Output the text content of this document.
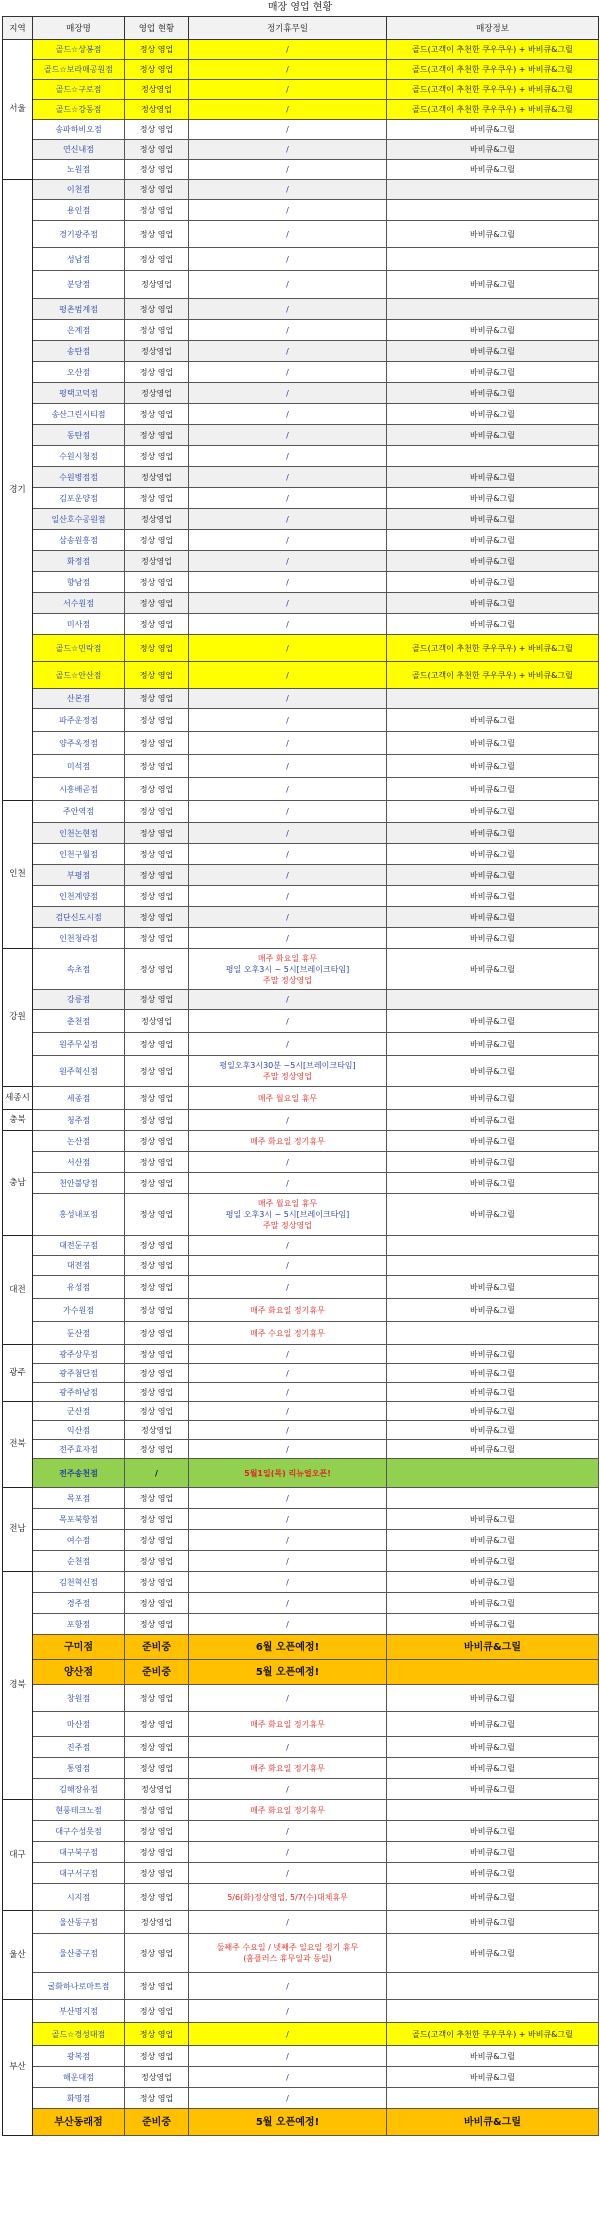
매장 영업 현황
지역	매장명	영업 현황	정기휴무일	매장정보
서울	골드☆상봉점	정상 영업	/	골드(고객이 추천한 쿠우쿠우) + 바비큐&그릴
	골드☆보라매공원점	정상 영업	/	골드(고객이 추천한 쿠우쿠우) + 바비큐&그릴
	골드☆구로점	정상영업	/	골드(고객이 추천한 쿠우쿠우) + 바비큐&그릴
	골드☆강동점	정상영업	/	골드(고객이 추천한 쿠우쿠우) + 바비큐&그릴
	송파하비오점	정상 영업	/	바비큐&그릴
	연신내점	정상 영업	/	바비큐&그릴
	노원점	정상 영업	/	바비큐&그릴
경기	이천점	정상 영업	/	
	용인점	정상 영업	/	
	경기광주점	정상 영업	/	바비큐&그릴
	성남점	정상 영업	/	
	분당점	정상영업	/	바비큐&그릴
	평촌범계점	정상 영업	/	
	은계점	정상 영업	/	바비큐&그릴
	송탄점	정상영업	/	바비큐&그릴
	오산점	정상 영업	/	바비큐&그릴
	평택고덕점	정상영업	/	바비큐&그릴
	송산그린시티점	정상 영업	/	바비큐&그릴
	동탄점	정상 영업	/	바비큐&그릴
	수원시청점	정상 영업	/	
	수원병점점	정상영업	/	바비큐&그릴
	김포운양점	정상 영업	/	바비큐&그릴
	일산호수공원점	정상영업	/	바비큐&그릴
	삼송원흥점	정상 영업	/	바비큐&그릴
	화정점	정상영업	/	바비큐&그릴
	향남점	정상 영업	/	바비큐&그릴
	서수원점	정상 영업	/	바비큐&그릴
	미사점	정상 영업	/	바비큐&그릴
	골드☆민락점	정상 영업	/	골드(고객이 추천한 쿠우쿠우) + 바비큐&그릴
	골드☆안산점	정상 영업	/	골드(고객이 추천한 쿠우쿠우) + 바비큐&그릴
	산본점	정상 영업	/	
	파주운정점	정상 영업	/	바비큐&그릴
	양주옥정점	정상 영업	/	바비큐&그릴
	미석점	정상 영업	/	바비큐&그릴
	시흥배곧점	정상 영업	/	바비큐&그릴
인천	주안역점	정상 영업	/	바비큐&그릴
	인천논현점	정상 영업	/	바비큐&그릴
	인천구월점	정상 영업	/	바비큐&그릴
	부평점	정상 영업	/	바비큐&그릴
	인천계양점	정상 영업	/	바비큐&그릴
	검단신도시점	정상 영업	/	바비큐&그릴
	인천청라점	정상 영업	/	바비큐&그릴
강원	속초점	정상 영업	매주 화요일 휴무
평일 오후3시 ~ 5시[브레이크타임]
주말 정상영업	바비큐&그릴
	강릉점	정상 영업	/	
	춘천점	정상영업	/	바비큐&그릴
	원주무실점	정상 영업	/	바비큐&그릴
	원주혁신점	정상 영업	평일오후3시30분 ~5시[브레이크타임]
주말 정상영업	바비큐&그릴
세종시	세종점	정상 영업	매주 월요일 휴무	바비큐&그릴
충북	청주점	정상 영업	/	바비큐&그릴
충남	논산점	정상 영업	매주 화요일 정기휴무	바비큐&그릴
	서산점	정상 영업	/	바비큐&그릴
	천안불당점	정상 영업	/	바비큐&그릴
	홍성내포점	정상 영업	매주 월요일 휴무
평일 오후3시 ~ 5시[브레이크타임]
주말 정상영업	바비큐&그릴
대전	대전둔구점	정상 영업	/	
	대전점	정상 영업	/	
	유성점	정상 영업	/	바비큐&그릴
	가수원점	정상 영업	매주 화요일 정기휴무	바비큐&그릴
	둔산점	정상 영업	매주 수요일 정기휴무	
광주	광주상무점	정상 영업	/	바비큐&그릴
	광주첨단점	정상 영업	/	바비큐&그릴
	광주하남점	정상 영업	/	바비큐&그릴
전북	군산점	정상 영업	/	바비큐&그릴
	익산점	정상영업	/	바비큐&그릴
	전주효자점	정상 영업	/	바비큐&그릴
	전주송천점	/	5월1일(목) 리뉴얼오픈!	
전남	목포점	정상 영업	/	
	목포북항점	정상 영업	/	바비큐&그릴
	여수점	정상 영업	/	바비큐&그릴
	순천점	정상 영업	/	바비큐&그릴
경북	김천혁신점	정상 영업	/	바비큐&그릴
	경주점	정상 영업	/	바비큐&그릴
	포항점	정상 영업	/	바비큐&그릴
	구미점	준비중	6월 오픈예정!	바비큐&그릴
	양산점	준비중	5월 오픈예정!	
	창원점	정상 영업	/	바비큐&그릴
	마산점	정상 영업	매주 화요일 정기휴무	바비큐&그릴
	진주점	정상 영업	/	바비큐&그릴
	통영점	정상 영업	매주 화요일 정기휴무	바비큐&그릴
	김해장유점	정상영업	/	바비큐&그릴
대구	현풍테크노점	정상 영업	매주 화요일 정기휴무	
	대구수성못점	정상 영업	/	바비큐&그릴
	대구북구점	정상 영업	/	바비큐&그릴
	대구서구점	정상 영업	/	바비큐&그릴
	시지점	정상 영업	5/6(화)정상영업, 5/7(수)대체휴무	바비큐&그릴
울산	울산동구점	정상영업	/	바비큐&그릴
	울산중구점	정상 영업	둘째주 수요일 / 넷째주 일요일 정기 휴무
(홈플러스 휴무일과 동일)	바비큐&그릴
	굴화하나로마트점	정상 영업	/	
부산	부산명지점	정상 영업	/	
	골드☆경성대점	정상 영업	/	골드(고객이 추천한 쿠우쿠우) + 바비큐&그릴
	광복점	정상 영업	/	바비큐&그릴
	해운대점	정상영업	/	바비큐&그릴
	화명점	정상 영업	/	
	부산동래점	준비중	5월 오픈예정!	바비큐&그릴
